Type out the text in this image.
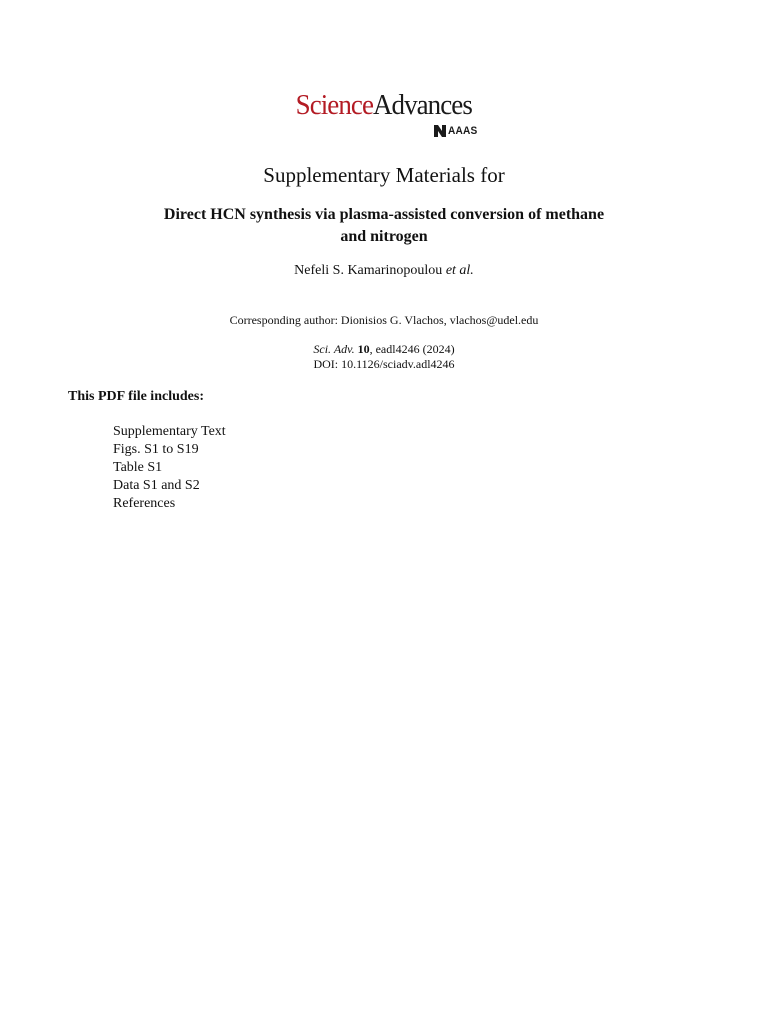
ScienceAdvances
AAAS
Supplementary Materials for
Direct HCN synthesis via plasma-assisted conversion of methane
and nitrogen
Nefeli S. Kamarinopoulou et al.
Corresponding author: Dionisios G. Vlachos, vlachos@udel.edu
Sci. Adv. 10, eadl4246 (2024)
DOI: 10.1126/sciadv.adl4246
This PDF file includes:
Supplementary Text
Figs. S1 to S19
Table S1
Data S1 and S2
References
